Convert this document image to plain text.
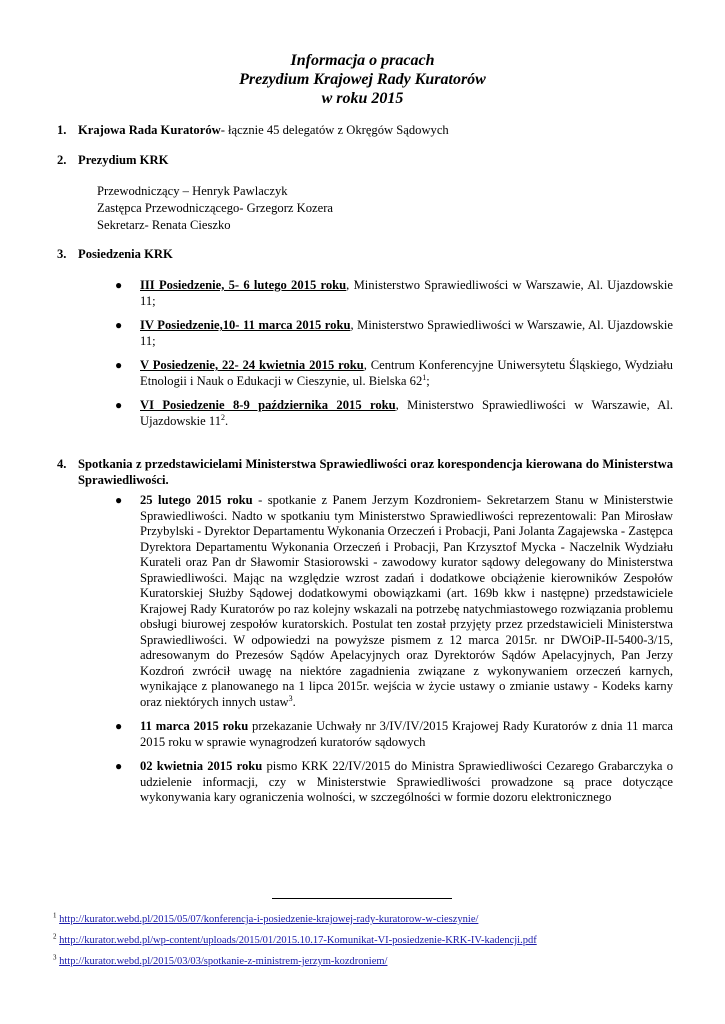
Informacja o pracach
Prezydium Krajowej Rady Kuratorów
w roku 2015
1. Krajowa Rada Kuratorów- łącznie 45 delegatów z Okręgów Sądowych
2. Prezydium KRK
Przewodniczący – Henryk Pawlaczyk
Zastępca Przewodniczącego- Grzegorz Kozera
Sekretarz- Renata Cieszko
3. Posiedzenia KRK
● III Posiedzenie, 5- 6 lutego 2015 roku, Ministerstwo Sprawiedliwości w Warszawie, Al. Ujazdowskie 11;

● IV Posiedzenie,10- 11 marca 2015 roku, Ministerstwo Sprawiedliwości w Warszawie, Al. Ujazdowskie 11;

● V Posiedzenie, 22- 24 kwietnia 2015 roku, Centrum Konferencyjne Uniwersytetu Śląskiego, Wydziału Etnologii i Nauk o Edukacji w Cieszynie, ul. Bielska $62^1$;

● VI Posiedzenie 8-9 października 2015 roku, Ministerstwo Sprawiedliwości w Warszawie, Al. Ujazdowskie $11^2$.

4. Spotkania z przedstawicielami Ministerstwa Sprawiedliwości oraz korespondencja kierowana do Ministerstwa Sprawiedliwości.
● 25 lutego 2015 roku - spotkanie z Panem Jerzym Kozdroniem- Sekretarzem Stanu w Ministerstwie Sprawiedliwości. Nadto w spotkaniu tym Ministerstwo Sprawiedliwości reprezentowali: Pan Mirosław Przybylski - Dyrektor Departamentu Wykonania Orzeczeń i Probacji, Pani Jolanta Zagajewska - Zastępca Dyrektora Departamentu Wykonania Orzeczeń i Probacji, Pan Krzysztof Mycka - Naczelnik Wydziału Kurateli oraz Pan dr Sławomir Stasiorowski - zawodowy kurator sądowy delegowany do Ministerstwa Sprawiedliwości. Mając na względzie wzrost zadań i dodatkowe obciążenie kierowników Zespołów Kuratorskiej Służby Sądowej dodatkowymi obowiązkami (art. 169b kkw i następne) przedstawiciele Krajowej Rady Kuratorów po raz kolejny wskazali na potrzebę natychmiastowego rozwiązania problemu obsługi biurowej zespołów kuratorskich. Postulat ten został przyjęty przez przedstawicieli Ministerstwa Sprawiedliwości. W odpowiedzi na powyższe pismem z 12 marca 2015r. nr DWOiP-II-5400-3/15, adresowanym do Prezesów Sądów Apelacyjnych oraz Dyrektorów Sądów Apelacyjnych, Pan Jerzy Kozdroń zwrócił uwagę na niektóre zagadnienia związane z wykonywaniem orzeczeń karnych, wynikające z planowanego na 1 lipca 2015r. wejścia w życie ustawy o zmianie ustawy - Kodeks karny oraz niektórych innych ustaw$^3$.

● 11 marca 2015 roku przekazanie Uchwały nr 3/IV/IV/2015 Krajowej Rady Kuratorów z dnia 11 marca 2015 roku w sprawie wynagrodzeń kuratorów sądowych

● 02 kwietnia 2015 roku pismo KRK 22/IV/2015 do Ministra Sprawiedliwości Cezarego Grabarczyka o udzielenie informacji, czy w Ministerstwie Sprawiedliwości prowadzone są prace dotyczące wykonywania kary ograniczenia wolności, w szczególności w formie dozoru elektronicznego

$^1$ http://kurator.webd.pl/2015/05/07/konferencja-i-posiedzenie-krajowej-rady-kuratorow-w-cieszynie/
$^2$ http://kurator.webd.pl/wp-content/uploads/2015/01/2015.10.17-Komunikat-VI-posiedzenie-KRK-IV-kadencji.pdf
$^3$ http://kurator.webd.pl/2015/03/03/spotkanie-z-ministrem-jerzym-kozdroniem/
